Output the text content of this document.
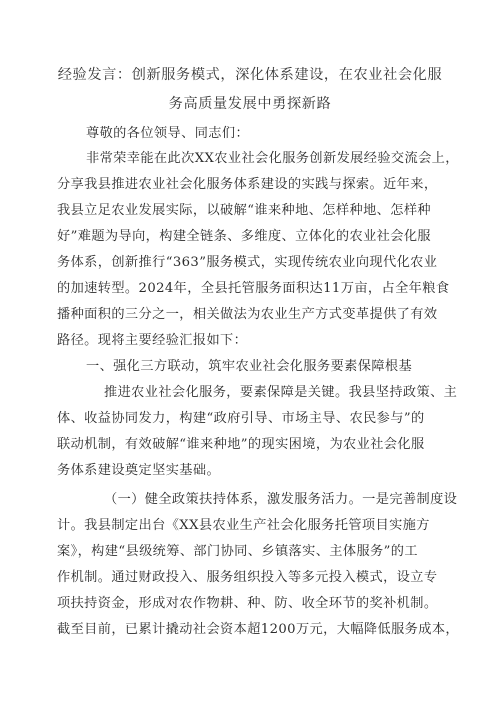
经验发言：创新服务模式，深化体系建设，在农业社会化服
务高质量发展中勇探新路
尊敬的各位领导、同志们：
非常荣幸能在此次XX农业社会化服务创新发展经验交流会上，
分享我县推进农业社会化服务体系建设的实践与探索。近年来，
我县立足农业发展实际，以破解“谁来种地、怎样种地、怎样种
好”难题为导向，构建全链条、多维度、立体化的农业社会化服
务体系，创新推行“363”服务模式，实现传统农业向现代化农业
的加速转型。2024年，全县托管服务面积达11万亩，占全年粮食
播种面积的三分之一，相关做法为农业生产方式变革提供了有效
路径。现将主要经验汇报如下：
一、强化三方联动，筑牢农业社会化服务要素保障根基
推进农业社会化服务，要素保障是关键。我县坚持政策、主
体、收益协同发力，构建“政府引导、市场主导、农民参与”的
联动机制，有效破解“谁来种地”的现实困境，为农业社会化服
务体系建设奠定坚实基础。
（一）健全政策扶持体系，激发服务活力。一是完善制度设
计。我县制定出台《XX县农业生产社会化服务托管项目实施方
案》，构建“县级统筹、部门协同、乡镇落实、主体服务”的工
作机制。通过财政投入、服务组织投入等多元投入模式，设立专
项扶持资金，形成对农作物耕、种、防、收全环节的奖补机制。
截至目前，已累计撬动社会资本超1200万元，大幅降低服务成本，
